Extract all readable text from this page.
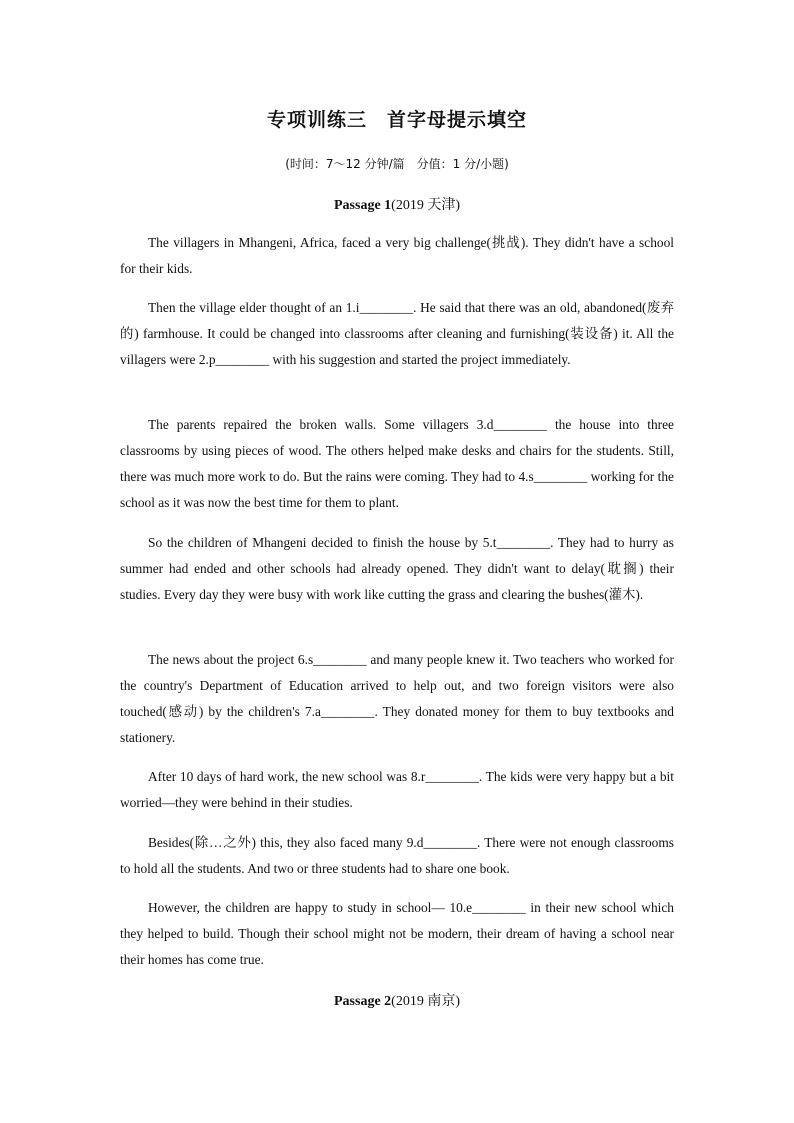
专项训练三　首字母提示填空
(时间：7～12 分钟/篇　分值：1 分/小题)
Passage 1(2019 天津)

The villagers in Mhangeni, Africa, faced a very big challenge(挑战). They didn't have a school for their kids.

Then the village elder thought of an 1.i________. He said that there was an old, abandoned(废弃的) farmhouse. It could be changed into classrooms after cleaning and furnishing(装设备) it. All the villagers were 2.p________ with his suggestion and started the project immediately.

The parents repaired the broken walls. Some villagers 3.d________ the house into three classrooms by using pieces of wood. The others helped make desks and chairs for the students. Still, there was much more work to do. But the rains were coming. They had to 4.s________ working for the school as it was now the best time for them to plant.

So the children of Mhangeni decided to finish the house by 5.t________. They had to hurry as summer had ended and other schools had already opened. They didn't want to delay(耽搁) their studies. Every day they were busy with work like cutting the grass and clearing the bushes(灌木).

The news about the project 6.s________ and many people knew it. Two teachers who worked for the country's Department of Education arrived to help out, and two foreign visitors were also touched(感动) by the children's 7.a________. They donated money for them to buy textbooks and stationery.

After 10 days of hard work, the new school was 8.r________. The kids were very happy but a bit worried—they were behind in their studies.

Besides(除…之外) this, they also faced many 9.d________. There were not enough classrooms to hold all the students. And two or three students had to share one book.

However, the children are happy to study in school— 10.e________ in their new school which they helped to build. Though their school might not be modern, their dream of having a school near their homes has come true.

Passage 2(2019 南京)
